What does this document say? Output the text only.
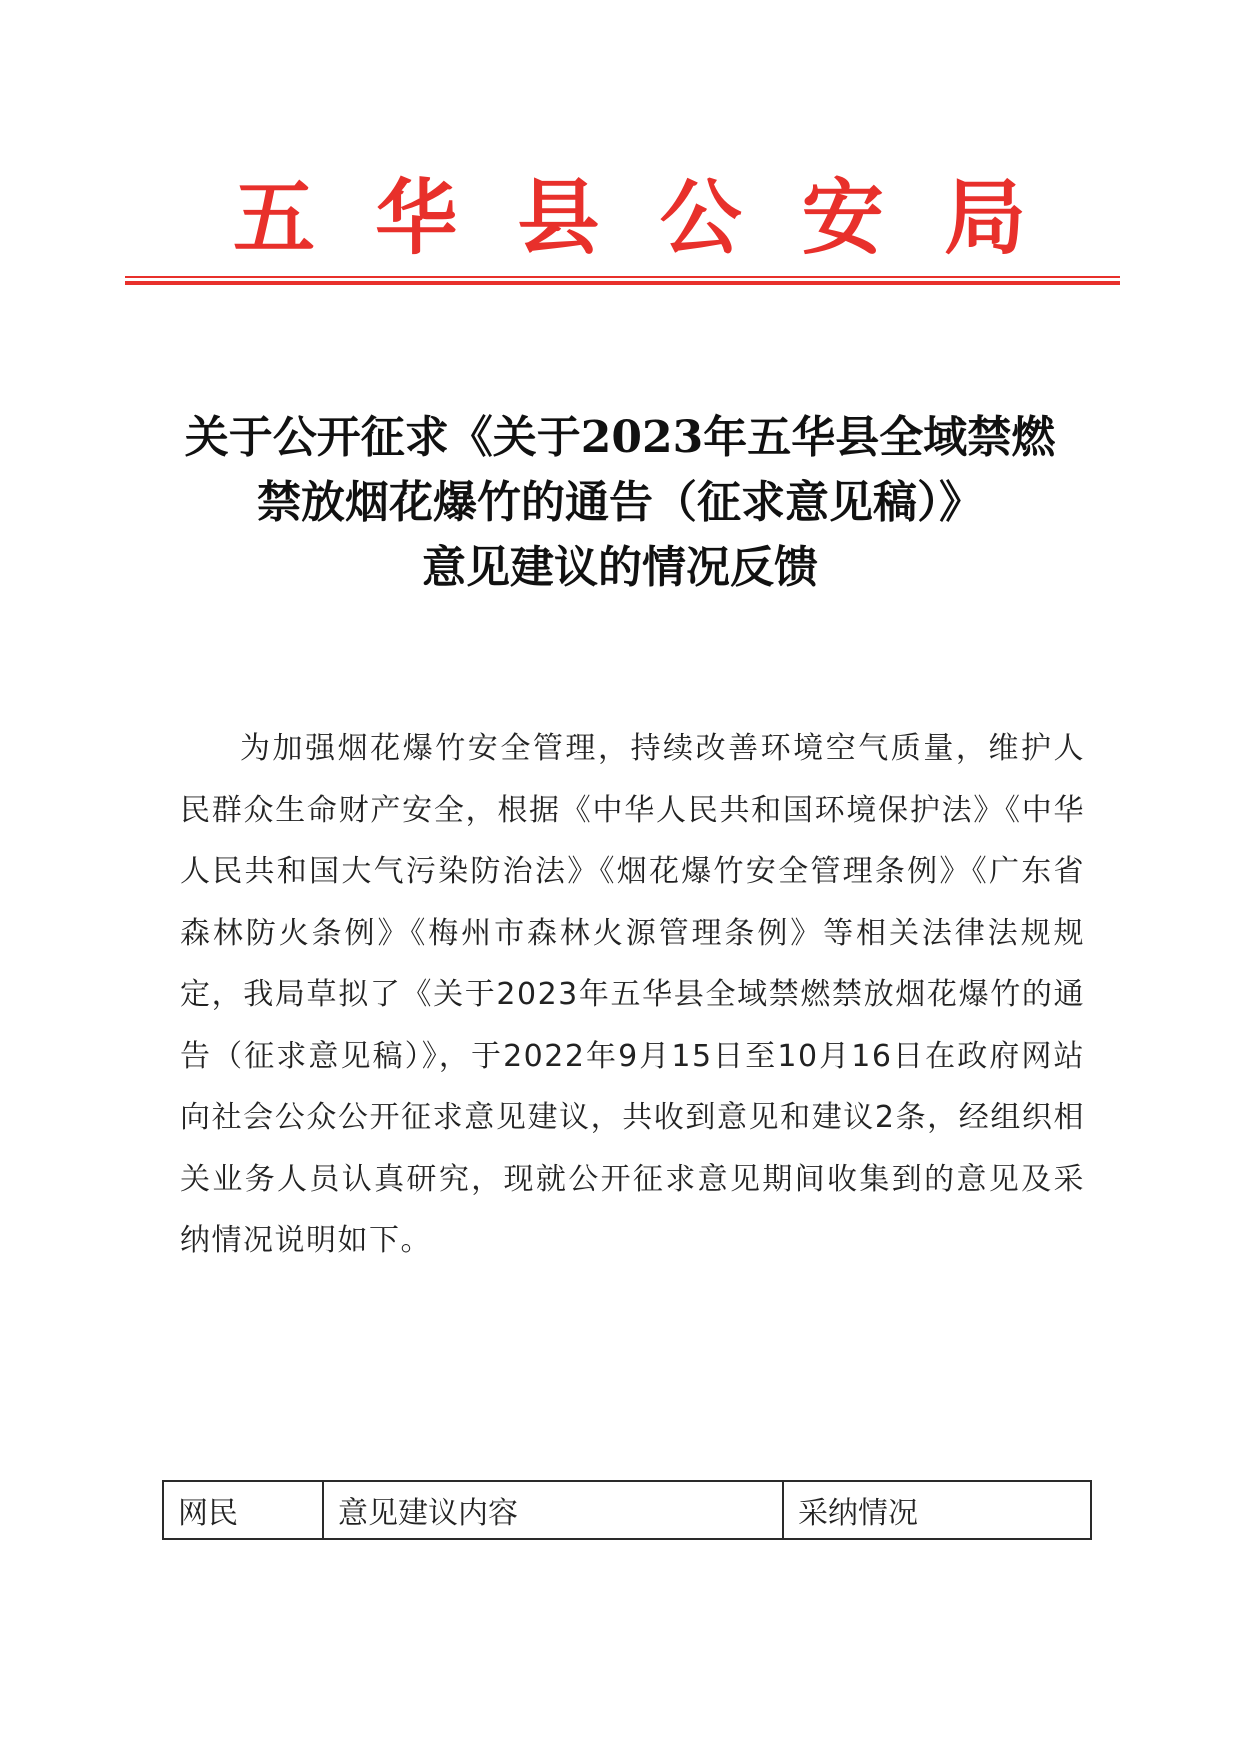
五 华 县 公 安 局
关于公开征求《关于2023年五华县全域禁燃
禁放烟花爆竹的通告（征求意见稿）》
意见建议的情况反馈

为加强烟花爆竹安全管理，持续改善环境空气质量，维护人民群众生命财产安全，根据《中华人民共和国环境保护法》《中华人民共和国大气污染防治法》《烟花爆竹安全管理条例》《广东省森林防火条例》《梅州市森林火源管理条例》等相关法律法规规定，我局草拟了《关于2023年五华县全域禁燃禁放烟花爆竹的通告（征求意见稿）》，于2022年9月15日至10月16日在政府网站向社会公众公开征求意见建议，共收到意见和建议2条，经组织相关业务人员认真研究，现就公开征求意见期间收集到的意见及采纳情况说明如下。

网民	意见建议内容	采纳情况
